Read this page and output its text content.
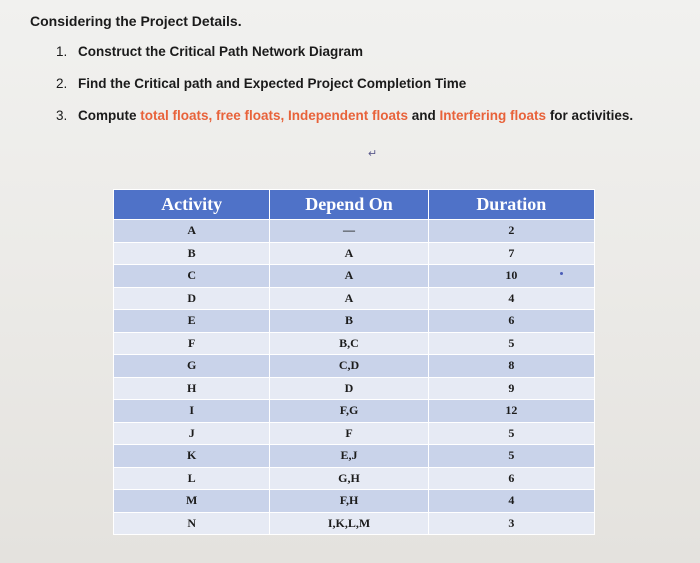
Considering the Project Details.
1. Construct the Critical Path Network Diagram
2. Find the Critical path and Expected Project Completion Time
3. Compute total floats, free floats, Independent floats and Interfering floats for activities.
↵
Activity	Depend On	Duration
A	—	2
B	A	7
C	A	10
D	A	4
E	B	6
F	B,C	5
G	C,D	8
H	D	9
I	F,G	12
J	F	5
K	E,J	5
L	G,H	6
M	F,H	4
N	I,K,L,M	3
